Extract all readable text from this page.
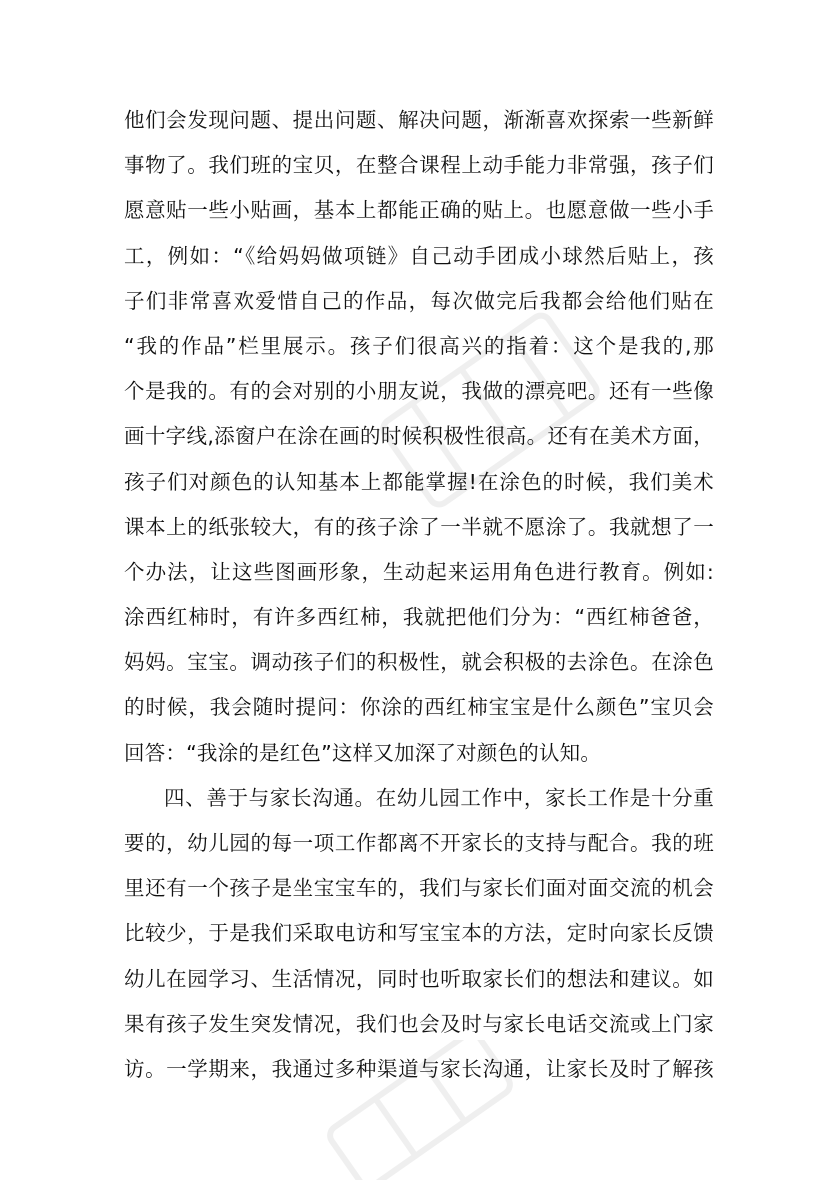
他们会发现问题、提出问题、解决问题，渐渐喜欢探索一些新鲜
事物了。我们班的宝贝，在整合课程上动手能力非常强，孩子们
愿意贴一些小贴画，基本上都能正确的贴上。也愿意做一些小手
工，例如：“《给妈妈做项链》自己动手团成小球然后贴上，孩
子们非常喜欢爱惜自己的作品，每次做完后我都会给他们贴在
“我的作品”栏里展示。孩子们很高兴的指着：这个是我的,那
个是我的。有的会对别的小朋友说，我做的漂亮吧。还有一些像
画十字线,添窗户在涂在画的时候积极性很高。还有在美术方面，
孩子们对颜色的认知基本上都能掌握!在涂色的时候，我们美术
课本上的纸张较大，有的孩子涂了一半就不愿涂了。我就想了一
个办法，让这些图画形象，生动起来运用角色进行教育。例如:
涂西红柿时，有许多西红柿，我就把他们分为：“西红柿爸爸，
妈妈。宝宝。调动孩子们的积极性，就会积极的去涂色。在涂色
的时候，我会随时提问：你涂的西红柿宝宝是什么颜色”宝贝会
回答：“我涂的是红色”这样又加深了对颜色的认知。
四、善于与家长沟通。在幼儿园工作中，家长工作是十分重
要的，幼儿园的每一项工作都离不开家长的支持与配合。我的班
里还有一个孩子是坐宝宝车的，我们与家长们面对面交流的机会
比较少，于是我们采取电访和写宝宝本的方法，定时向家长反馈
幼儿在园学习、生活情况，同时也听取家长们的想法和建议。如
果有孩子发生突发情况，我们也会及时与家长电话交流或上门家
访。一学期来，我通过多种渠道与家长沟通，让家长及时了解孩
